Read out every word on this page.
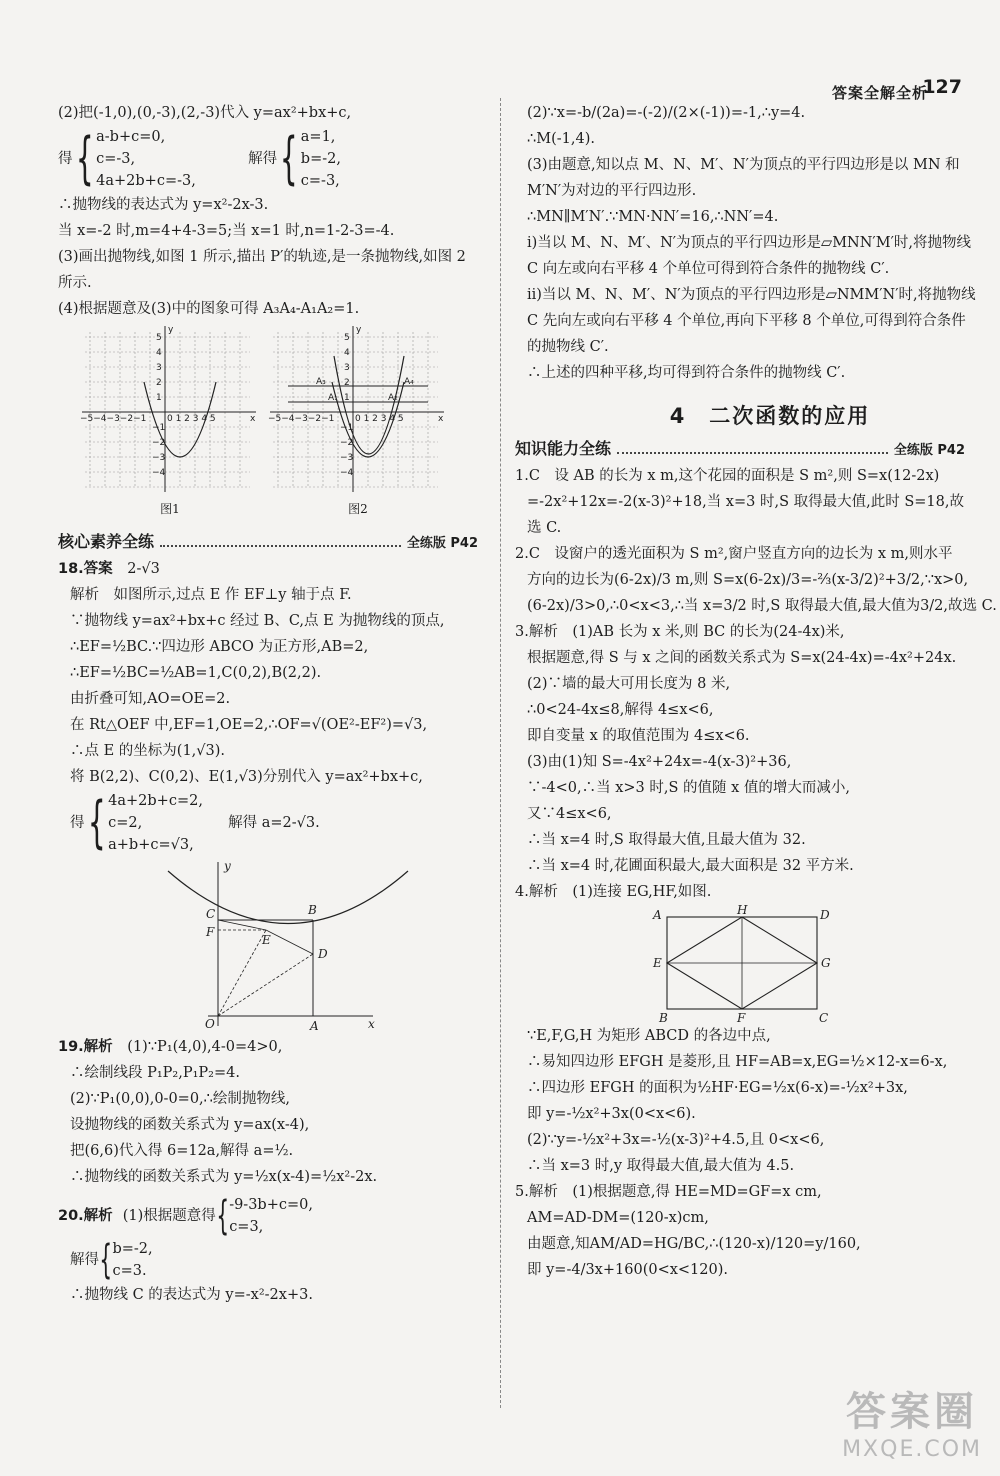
答案全解全析
127

(2)把(-1,0),(0,-3),(2,-3)代入 y=ax²+bx+c,

得 { a-b+c=0,
c=-3,
4a+2b+c=-3,
解得 { a=1,
b=-2,
c=-3,

∴抛物线的表达式为 y=x²-2x-3.

当 x=-2 时,m=4+4-3=5;当 x=1 时,n=1-2-3=-4.

(3)画出抛物线,如图 1 所示,描出 P′的轨迹,是一条抛物线,如图 2

所示.

(4)根据题意及(3)中的图象可得 A₃A₄-A₁A₂=1.

−5−4−3−2−1 0 1 2 3 4 5	x
y
5
4
3
2
1
−1
−2
−3
−4
图1
−5−4−3−2−1 0 1 2 3 4 5	x
y
5
4
3
2
1
−1
−2
−3
−4
A₃
A₁	A₂
A₄
图2
核心素养全练	全练版 P42

18.答案 2-√3

解析　如图所示,过点 E 作 EF⊥y 轴于点 F.

∵抛物线 y=ax²+bx+c 经过 B、C,点 E 为抛物线的顶点,

∴EF=½BC.∵四边形 ABCO 为正方形,AB=2,

∴EF=½BC=½AB=1,C(0,2),B(2,2).

由折叠可知,AO=OE=2.

在 Rt△OEF 中,EF=1,OE=2,∴OF=√(OE²-EF²)=√3,

∴点 E 的坐标为(1,√3).

将 B(2,2)、C(0,2)、E(1,√3)分别代入 y=ax²+bx+c,

得 { 4a+2b+c=2,
c=2,
a+b+c=√3,
解得 a=2-√3.
y
C	B
F
E
D
O	A	x

19.解析 (1)∵P₁(4,0),4-0=4>0,

∴绘制线段 P₁P₂,P₁P₂=4.

(2)∵P₁(0,0),0-0=0,∴绘制抛物线,

设抛物线的函数关系式为 y=ax(x-4),

把(6,6)代入得 6=12a,解得 a=½.

∴抛物线的函数关系式为 y=½x(x-4)=½x²-2x.

20.解析 (1)根据题意得 { -9-3b+c=0,
c=3,
解得 { b=-2,
c=3.

∴抛物线 C 的表达式为 y=-x²-2x+3.

(2)∵x=-b/(2a)=-(-2)/(2×(-1))=-1,∴y=4.

∴M(-1,4).

(3)由题意,知以点 M、N、M′、N′为顶点的平行四边形是以 MN 和

M′N′为对边的平行四边形.

∴MN∥M′N′.∵MN·NN′=16,∴NN′=4.

i)当以 M、N、M′、N′为顶点的平行四边形是▱MNN′M′时,将抛物线

C 向左或向右平移 4 个单位可得到符合条件的抛物线 C′.

ii)当以 M、N、M′、N′为顶点的平行四边形是▱NMM′N′时,将抛物线

C 先向左或向右平移 4 个单位,再向下平移 8 个单位,可得到符合条件

的抛物线 C′.

∴上述的四种平移,均可得到符合条件的抛物线 C′.

4　二次函数的应用
知识能力全练	全练版 P42

1.C　设 AB 的长为 x m,这个花园的面积是 S m²,则 S=x(12-2x)

=-2x²+12x=-2(x-3)²+18,当 x=3 时,S 取得最大值,此时 S=18,故

选 C.

2.C　设窗户的透光面积为 S m²,窗户竖直方向的边长为 x m,则水平

方向的边长为(6-2x)/3 m,则 S=x(6-2x)/3=-⅔(x-3/2)²+3/2,∵x>0,

(6-2x)/3>0,∴0<x<3,∴当 x=3/2 时,S 取得最大值,最大值为3/2,故选 C.

3.解析　(1)AB 长为 x 米,则 BC 的长为(24-4x)米,

根据题意,得 S 与 x 之间的函数关系式为 S=x(24-4x)=-4x²+24x.

(2)∵墙的最大可用长度为 8 米,

∴0<24-4x≤8,解得 4≤x<6,

即自变量 x 的取值范围为 4≤x<6.

(3)由(1)知 S=-4x²+24x=-4(x-3)²+36,

∵-4<0,∴当 x>3 时,S 的值随 x 值的增大而减小,

又∵4≤x<6,

∴当 x=4 时,S 取得最大值,且最大值为 32.

∴当 x=4 时,花圃面积最大,最大面积是 32 平方米.

4.解析　(1)连接 EG,HF,如图.

A	H	D
E	G
B	F	C

∵E,F,G,H 为矩形 ABCD 的各边中点,

∴易知四边形 EFGH 是菱形,且 HF=AB=x,EG=½×12-x=6-x,

∴四边形 EFGH 的面积为½HF·EG=½x(6-x)=-½x²+3x,

即 y=-½x²+3x(0<x<6).

(2)∵y=-½x²+3x=-½(x-3)²+4.5,且 0<x<6,

∴当 x=3 时,y 取得最大值,最大值为 4.5.

5.解析　(1)根据题意,得 HE=MD=GF=x cm,

AM=AD-DM=(120-x)cm,

由题意,知AM/AD=HG/BC,∴(120-x)/120=y/160,

即 y=-4/3x+160(0<x<120).

答案圈
MXQE.COM
